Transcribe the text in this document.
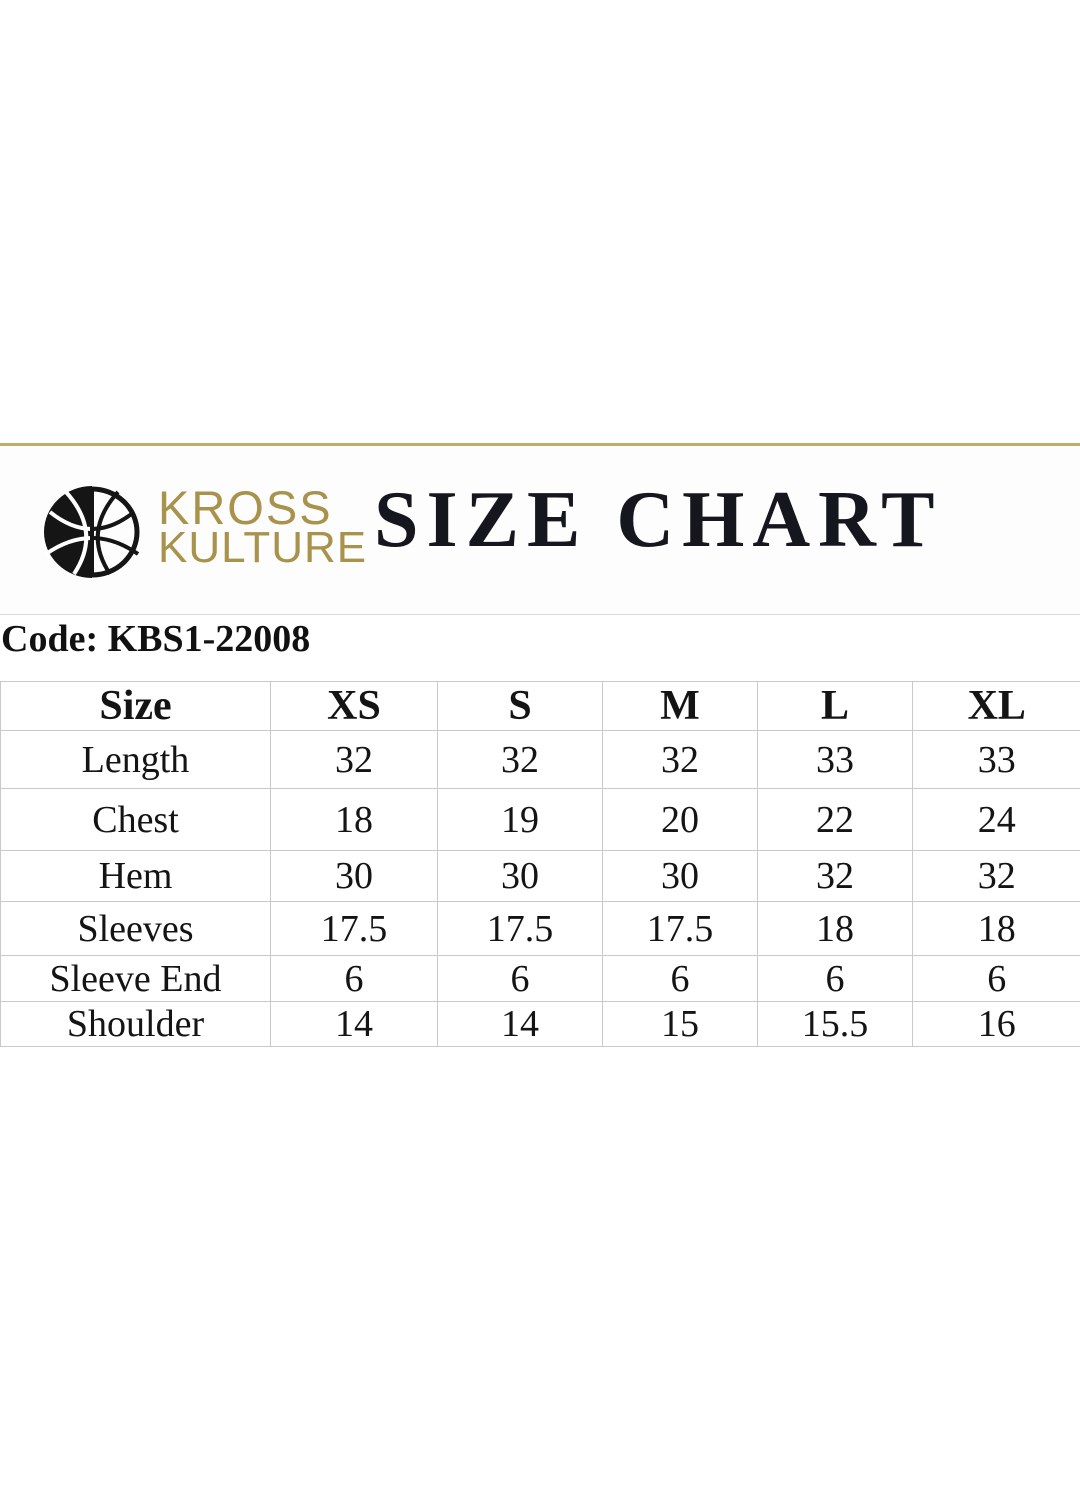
KROSS
KULTURE SIZE CHART
Code: KBS1-22008
Size	XS	S	M	L	XL
Length	32	32	32	33	33
Chest	18	19	20	22	24
Hem	30	30	30	32	32
Sleeves	17.5	17.5	17.5	18	18
Sleeve End	6	6	6	6	6
Shoulder	14	14	15	15.5	16
